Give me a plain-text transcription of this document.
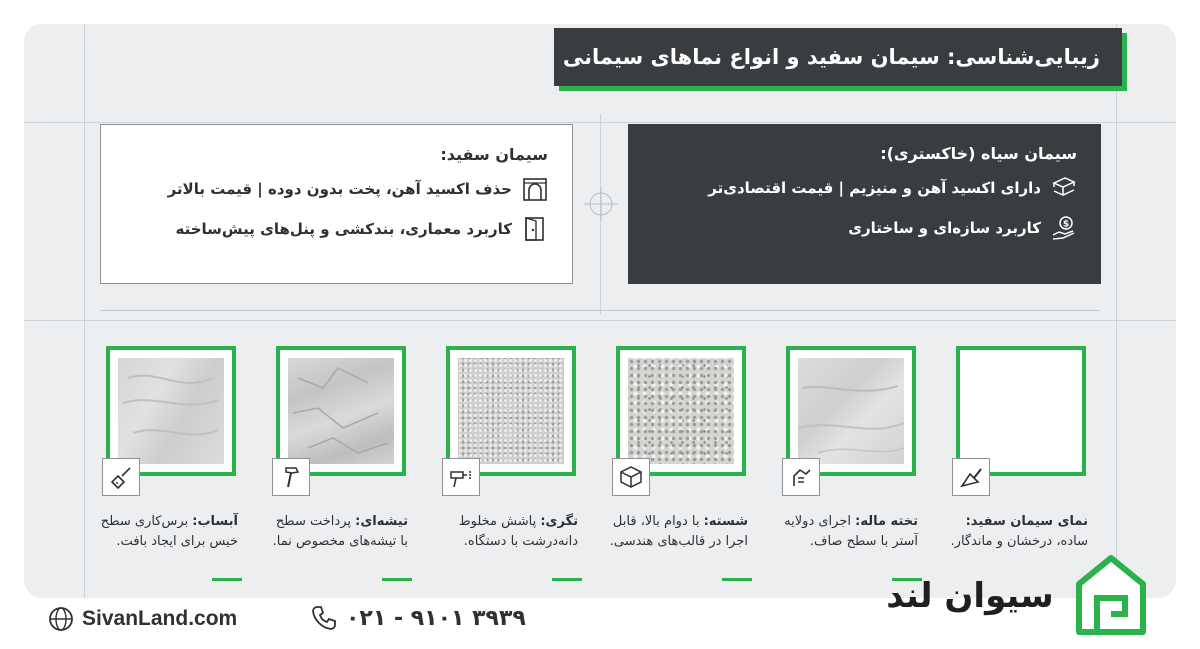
زیبایی‌شناسی: سیمان سفید و انواع نماهای سیمانی
سیمان سفید:
حذف اکسید آهن، پخت بدون دوده | قیمت بالاتر
کاربرد معماری، بندکشی و پنل‌های پیش‌ساخته
سیمان سیاه (خاکستری):
دارای اکسید آهن و منیزیم | قیمت اقتصادی‌تر
$
کاربرد سازه‌ای و ساختاری
نمای سیمان سفید: ساده، درخشان و ماندگار.
تخته ماله: اجرای دولایه آستر با سطح صاف.
شسته: با دوام بالا، قابل اجرا در قالب‌های هندسی.
تگری: پاشش مخلوط دانه‌درشت با دستگاه.
تیشه‌ای: پرداخت سطح با تیشه‌های مخصوص نما.
آبساب: برس‌کاری سطح خیس برای ایجاد بافت.
SivanLand.com	۰۲۱ - ۹۱۰۱ ۳۹۳۹
سیوان لند
